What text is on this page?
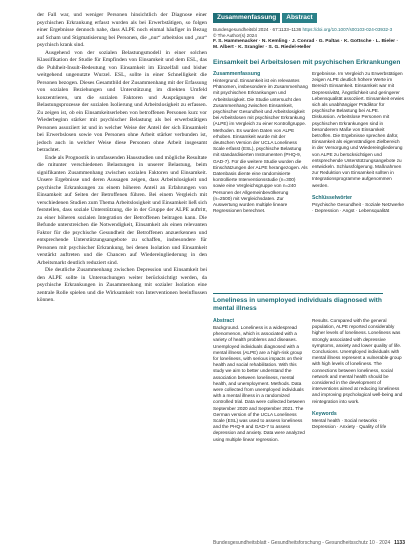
der Fall war, und weniger Personen hinsichtlich der Diagnose einer psychischen Erkrankung erfasst wurden als bei Erwerbstätigen, so folgen einer Ergebnisse dennoch nahe, dass ALPE noch einmal häufiger in Bezug auf Scham und Stigmatisierung bei Personen, die „nur“ arbeitslos und „nur“ psychisch krank sind.

Ausgehend von der sozialen Belastungsmodell in einer solchen Klassifikation der Studie für Empfinden von Einsamkeit und dem ESL, das die Puhlheit-Insult-Bedeutung von Einsamkeit im Einzelfall und bisher weitgehend ungenutzte Wurzel. ESL, sollte in einer Schnelligkeit die Personen bezogen. Dieses Gesamtbild der Zusammenhang mit der Erfassung von sozialen Beziehungen und Unterstützung im direkten Umfeld konzentrieren, um die sozialen Faktoren und Ausprägungen der Belastungsprozesse der sozialen Isolierung und Arbeitslosigkeit zu erfassen. Zu zeigen ist, ob ein Einsamkeitserleben von betroffenen Personen kurz vor Wiederbeginn stärker mit psychischer Belastung als bei erwerbstätigen Personen assoziiert ist und in welcher Weise der Anteil der sich Einsamkeit bei Erwerbslosen sowie von Personen ohne Arbeit stärker verbunden ist, jedoch auch in welcher Weise diese Personen ohne Arbeit insgesamt betrachtet.

Ende als Prognostik in umfassenden Hausstudien und mögliche Resultate die mitunter verschiedenen Belastungen in unserer Belastung, beim signifikanten Zusammenhang zwischen sozialen Faktoren und Einsamkeit. Unsere Ergebnisse und deren Aussagen zeigen, dass Arbeitslosigkeit und psychische Erkrankungen zu einem höheren Anteil an Erfahrungen von Einsamkeit auf Seiten der Betroffenen führen. Bei einem Vergleich mit verschiedenen Studien zum Thema Arbeitslosigkeit und Einsamkeit ließ sich feststellen, dass soziale Unterstützung, die in der Gruppe der ALPE auftritt, zu einer höheren sozialen Integration der Betroffenen beitragen kann. Die Befunde unterstreichen die Notwendigkeit, Einsamkeit als einen relevanten Faktor für die psychische Gesundheit der Betroffenen anzuerkennen und entsprechende Unterstützungsangebote zu schaffen, insbesondere für Personen mit psychischer Erkrankung, bei denen Isolation und Einsamkeit verstärkt auftreten und die Chancen auf Wiedereingliederung in den Arbeitsmarkt deutlich reduziert sind.

Die deutliche Zusammenhang zwischen Depression und Einsamkeit bei den ALPE sollte in Untersuchungen weiter berücksichtigt werden, da psychische Erkrankungen in Zusammenhang mit sozialer Isolation eine zentrale Rolle spielen und die Wirksamkeit von Interventionen beeinflussen können.

Zusammenfassung	Abstract
Bundesgesundheitsbl 2024 · 67:1133–1136 https://doi.org/10.1007/s00103-024-03932-3
© The Author(s) 2024
F. S. Hammenacker · N. Kemling · J. Conrad · G. Paltas · K. Gottsche · L. Bieler · M. Albert · K. Srangler · S. G. Riedel-Heller
Einsamkeit bei Arbeitslosen mit psychischen Erkrankungen
Zusammenfassung

Hintergrund. Einsamkeit ist ein relevantes Phänomen, insbesondere im Zusammenhang mit psychischen Erkrankungen und Arbeitslosigkeit. Die Studie untersucht den Zusammenhang zwischen Einsamkeit, psychischer Gesundheit und Arbeitslosigkeit bei Arbeitslosen mit psychischer Erkrankung (ALPE) im Vergleich zu einer Kontrollgruppe. Methoden. Es wurden Daten von ALPE erhoben. Einsamkeit wurde mit der deutschen Version der UCLA Loneliness Scale erfasst (ESL), psychische Belastung mit standardisierten Instrumenten (PHQ-9, GAD-7). Für die weitere Studie wurden die Einschätzungen der ALPE herangezogen. Als Datenbasis diente eine randomisierte kontrollierte Interventionsstudie (n=300) sowie eine Vergleichsgruppe von n=240 Personen der Allgemeinbevölkerung (n=2500) mit Vergleichsdaten. Zur Auswertung wurden multiple lineare Regressionen berechnet.

Ergebnisse. Im Vergleich zu Erwerbstätigen zeigen ALPE deutlich höhere Werte im Bereich Einsamkeit. Einsamkeit war mit Depressivität, Ängstlichkeit und geringerer Lebensqualität assoziiert. Einsamkeit erwies sich als unabhängiger Prädiktor für psychische Belastung bei ALPE. Diskussion. Arbeitslose Personen mit psychischen Erkrankungen sind in besonderem Maße von Einsamkeit betroffen. Die Ergebnisse sprechen dafür, Einsamkeit als eigenständigen Zielbereich in der Versorgung und Wiedereingliederung von ALPE zu berücksichtigen und entsprechende Unterstützungsangebote zu entwickeln. Schlussfolgerung. Maßnahmen zur Reduktion von Einsamkeit sollten in Integrationsprogramme aufgenommen werden.

Schlüsselwörter

Psychische Gesundheit · Soziale Netzwerke · Depression · Angst · Lebensqualität

Loneliness in unemployed individuals diagnosed with mental illness
Abstract

Background. Loneliness is a widespread phenomenon, which is associated with a variety of health problems and diseases. Unemployed individuals diagnosed with a mental illness (ALPE) are a high-risk group for loneliness, with serious impacts on their health and social rehabilitation. With this study we aim to better understand the association between loneliness, mental health, and unemployment. Methods. Data were collected from unemployed individuals with a mental illness in a randomized controlled trial. Data were collected between September 2020 and September 2021. The German version of the UCLA Loneliness Scale (ESL) was used to assess loneliness and the PHQ-9 and GAD-7 to assess depression and anxiety. Data were analyzed using multiple linear regression.

Results. Compared with the general population, ALPE reported considerably higher levels of loneliness. Loneliness was strongly associated with depressive symptoms, anxiety and lower quality of life. Conclusions. Unemployed individuals with mental illness represent a vulnerable group with high levels of loneliness. The connections between loneliness, social network and mental health should be considered in the development of interventions aimed at reducing loneliness and improving psychological well-being and reintegration into work.

Keywords

Mental health · Social networks · Depression · Anxiety · Quality of life

Bundesgesundheitsblatt - Gesundheitsforschung - Gesundheitsschutz 10 · 2024 1133
